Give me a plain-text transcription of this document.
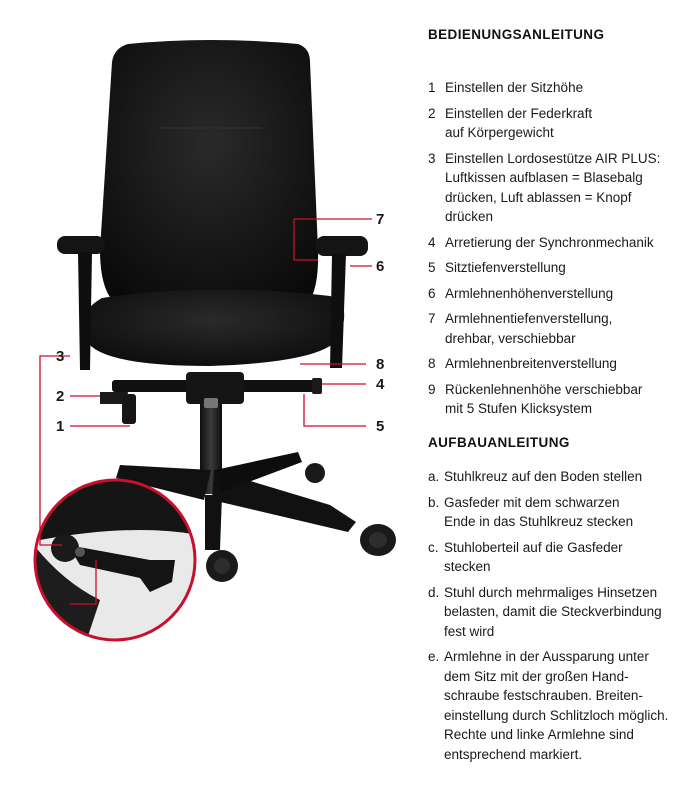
7
6
3	8
2
4
1	5
8
BEDIENUNGSANLEITUNG
1 Einstellen der Sitzhöhe
2 Einstellen der Federkraft
auf Körpergewicht
3 Einstellen Lordosestütze AIR PLUS:
Luftkissen aufblasen = Blasebalg
drücken, Luft ablassen = Knopf
drücken
4 Arretierung der Synchronmechanik
5 Sitztiefenverstellung
6 Armlehnenhöhenverstellung
7 Armlehnentiefenverstellung,
drehbar, verschiebbar
8 Armlehnenbreitenverstellung
9 Rückenlehnenhöhe verschiebbar
mit 5 Stufen Klicksystem
AUFBAUANLEITUNG
a. Stuhlkreuz auf den Boden stellen
b. Gasfeder mit dem schwarzen
Ende in das Stuhlkreuz stecken
c. Stuhloberteil auf die Gasfeder
stecken
d. Stuhl durch mehrmaliges Hinsetzen
belasten, damit die Steckverbindung
fest wird
e. Armlehne in der Aussparung unter
dem Sitz mit der großen Hand-
schraube festschrauben. Breiten-
einstellung durch Schlitzloch möglich.
Rechte und linke Armlehne sind
entsprechend markiert.
